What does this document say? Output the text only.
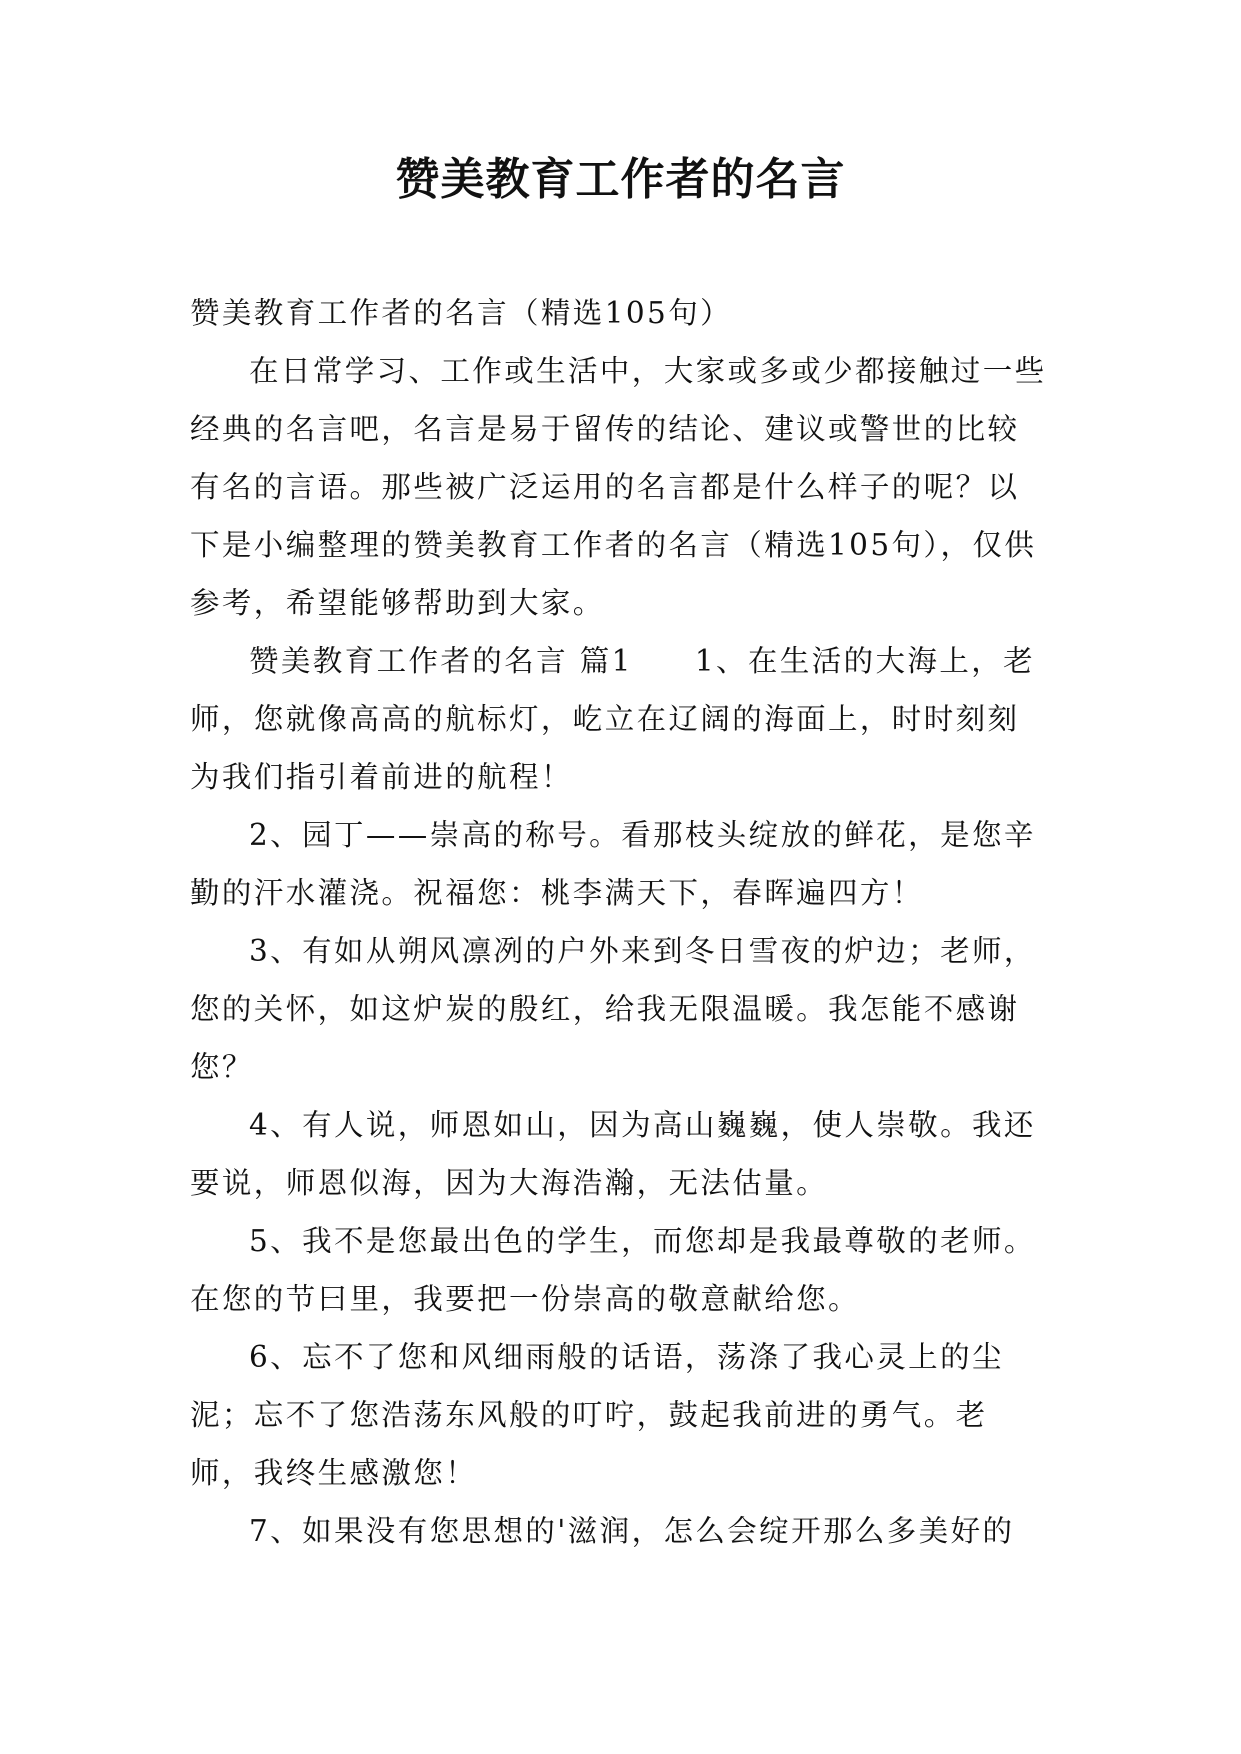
赞美教育工作者的名言

赞美教育工作者的名言（精选105句）

在日常学习、工作或生活中，大家或多或少都接触过一些经典的名言吧，名言是易于留传的结论、建议或警世的比较有名的言语。那些被广泛运用的名言都是什么样子的呢？以下是小编整理的赞美教育工作者的名言（精选105句），仅供参考，希望能够帮助到大家。

赞美教育工作者的名言 篇1 1、在生活的大海上，老师，您就像高高的航标灯，屹立在辽阔的海面上，时时刻刻为我们指引着前进的航程！

2、园丁——崇高的称号。看那枝头绽放的鲜花，是您辛勤的汗水灌浇。祝福您：桃李满天下，春晖遍四方！

3、有如从朔风凛冽的户外来到冬日雪夜的炉边；老师，您的关怀，如这炉炭的殷红，给我无限温暖。我怎能不感谢您？

4、有人说，师恩如山，因为高山巍巍，使人崇敬。我还要说，师恩似海，因为大海浩瀚，无法估量。

5、我不是您最出色的学生，而您却是我最尊敬的老师。在您的节曰里，我要把一份崇高的敬意献给您。

6、忘不了您和风细雨般的话语，荡涤了我心灵上的尘泥；忘不了您浩荡东风般的叮咛，鼓起我前进的勇气。老师，我终生感激您！

7、如果没有您思想的'滋润，怎么会绽开那么多美好的
